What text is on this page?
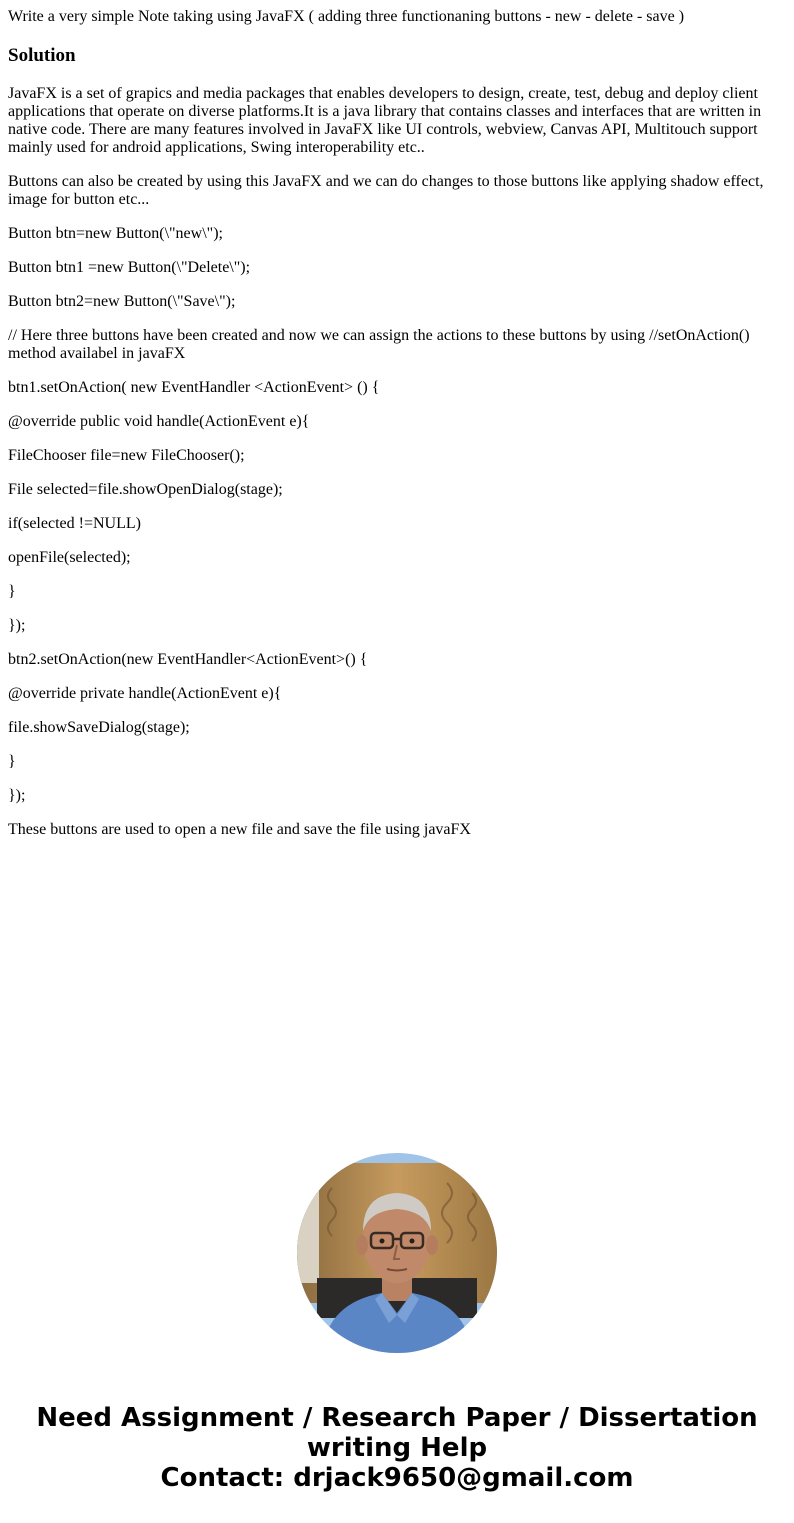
Write a very simple Note taking using JavaFX ( adding three functionaning buttons - new - delete - save )

Solution

JavaFX is a set of grapics and media packages that enables developers to design, create, test, debug and deploy client applications that operate on diverse platforms.It is a java library that contains classes and interfaces that are written in native code. There are many features involved in JavaFX like UI controls, webview, Canvas API, Multitouch support mainly used for android applications, Swing interoperability etc..

Buttons can also be created by using this JavaFX and we can do changes to those buttons like applying shadow effect, image for button etc...

Button btn=new Button(\"new\");

Button btn1 =new Button(\"Delete\");

Button btn2=new Button(\"Save\");

// Here three buttons have been created and now we can assign the actions to these buttons by using //setOnAction() method availabel in javaFX

btn1.setOnAction( new EventHandler <ActionEvent> () {

@override public void handle(ActionEvent e){

FileChooser file=new FileChooser();

File selected=file.showOpenDialog(stage);

if(selected !=NULL)

openFile(selected);

}

});

btn2.setOnAction(new EventHandler<ActionEvent>() {

@override private handle(ActionEvent e){

file.showSaveDialog(stage);

}

});

These buttons are used to open a new file and save the file using javaFX

Need Assignment / Research Paper / Dissertation
writing Help
Contact: drjack9650@gmail.com
